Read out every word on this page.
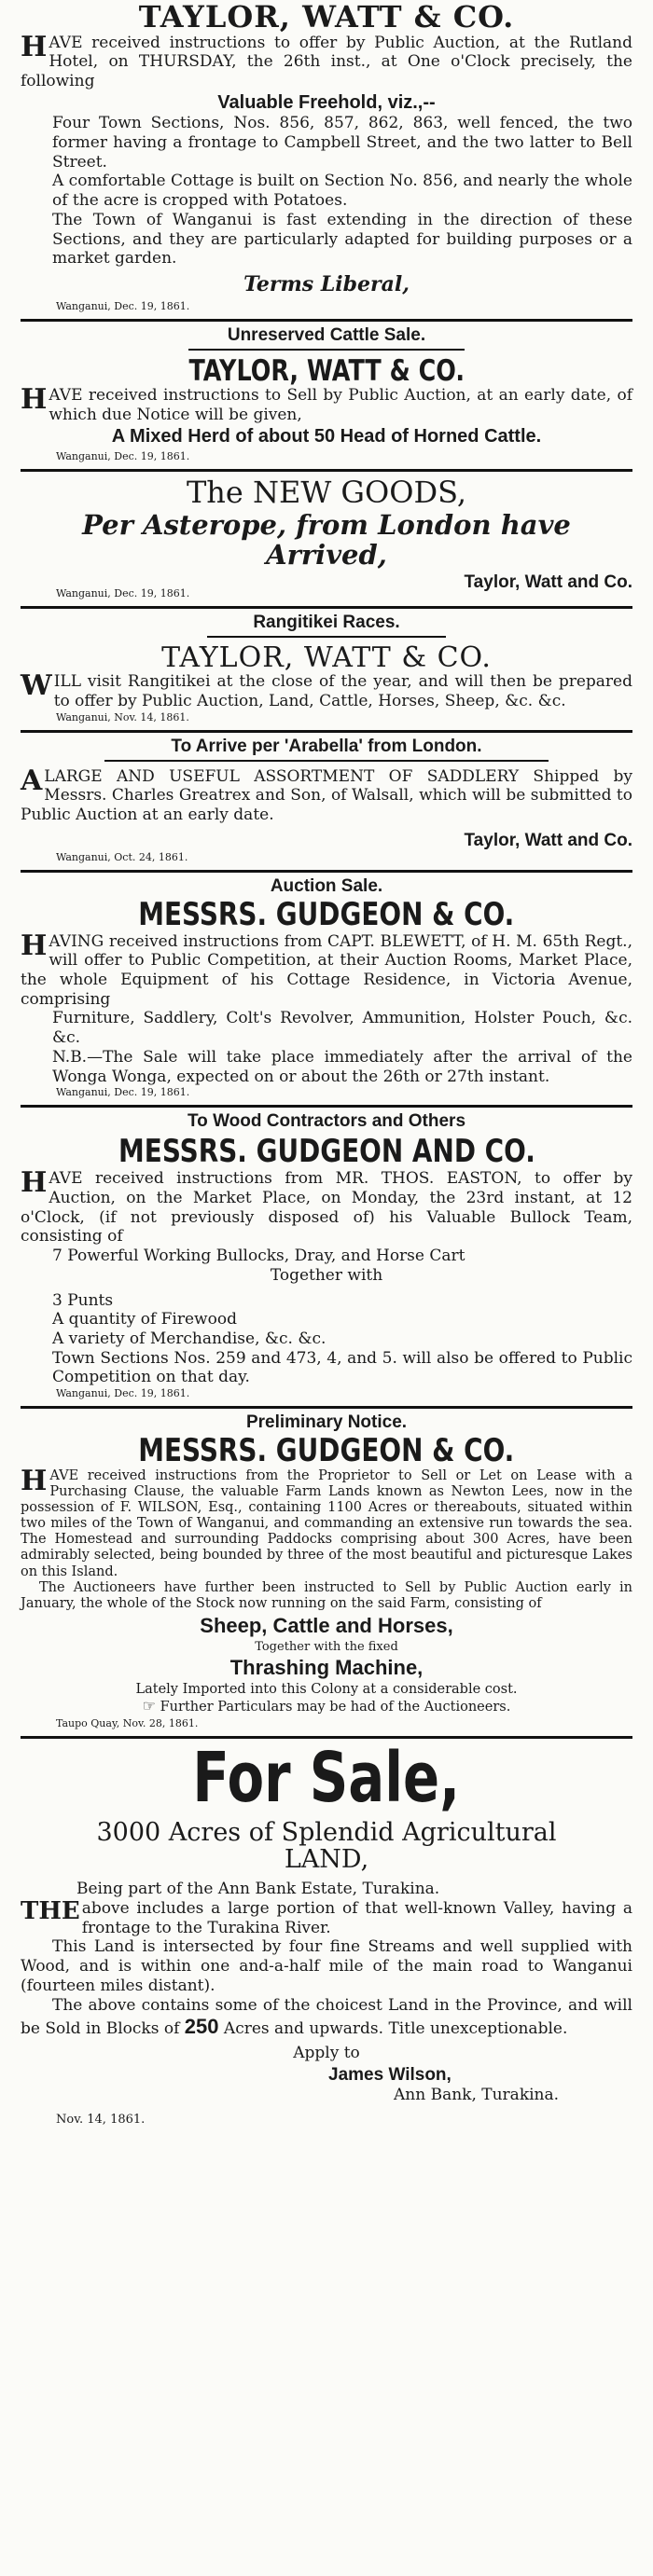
TAYLOR, WATT & CO.

HAVE received instructions to offer by Public Auction, at the Rutland Hotel, on THURSDAY, the 26th inst., at One o'Clock precisely, the following

Valuable Freehold, viz.,--

Four Town Sections, Nos. 856, 857, 862, 863, well fenced, the two former having a frontage to Campbell Street, and the two latter to Bell Street.

A comfortable Cottage is built on Section No. 856, and nearly the whole of the acre is cropped with Potatoes.

The Town of Wanganui is fast extending in the direction of these Sections, and they are particularly adapted for building purposes or a market garden.

Terms Liberal,

Wanganui, Dec. 19, 1861.

Unreserved Cattle Sale.

TAYLOR, WATT & CO.

HAVE received instructions to Sell by Public Auction, at an early date, of which due Notice will be given,

A Mixed Herd of about 50 Head of Horned Cattle.

Wanganui, Dec. 19, 1861.

The NEW GOODS,

Per Asterope, from London have Arrived,

Taylor, Watt and Co.

Wanganui, Dec. 19, 1861.

Rangitikei Races.

TAYLOR, WATT & CO.

WILL visit Rangitikei at the close of the year, and will then be prepared to offer by Public Auction, Land, Cattle, Horses, Sheep, &c. &c.

Wanganui, Nov. 14, 1861.

To Arrive per 'Arabella' from London.

ALARGE AND USEFUL ASSORTMENT OF SADDLERY Shipped by Messrs. Charles Greatrex and Son, of Walsall, which will be submitted to Public Auction at an early date.

Taylor, Watt and Co.

Wanganui, Oct. 24, 1861.

Auction Sale.

MESSRS. GUDGEON & CO.

HAVING received instructions from CAPT. BLEWETT, of H. M. 65th Regt., will offer to Public Competition, at their Auction Rooms, Market Place, the whole Equipment of his Cottage Residence, in Victoria Avenue, comprising

Furniture, Saddlery, Colt's Revolver, Ammunition, Holster Pouch, &c. &c.

N.B.—The Sale will take place immediately after the arrival of the Wonga Wonga, expected on or about the 26th or 27th instant.

Wanganui, Dec. 19, 1861.

To Wood Contractors and Others

MESSRS. GUDGEON AND CO.

HAVE received instructions from MR. THOS. EASTON, to offer by Auction, on the Market Place, on Monday, the 23rd instant, at 12 o'Clock, (if not previously disposed of) his Valuable Bullock Team, consisting of

7 Powerful Working Bullocks, Dray, and Horse Cart

Together with

3 Punts

A quantity of Firewood

A variety of Merchandise, &c. &c.

Town Sections Nos. 259 and 473, 4, and 5. will also be offered to Public Competition on that day.

Wanganui, Dec. 19, 1861.

Preliminary Notice.

MESSRS. GUDGEON & CO.

HAVE received instructions from the Proprietor to Sell or Let on Lease with a Purchasing Clause, the valuable Farm Lands known as Newton Lees, now in the possession of F. WILSON, Esq., containing 1100 Acres or thereabouts, situated within two miles of the Town of Wanganui, and commanding an extensive run towards the sea. The Homestead and surrounding Paddocks comprising about 300 Acres, have been admirably selected, being bounded by three of the most beautiful and picturesque Lakes on this Island.

The Auctioneers have further been instructed to Sell by Public Auction early in January, the whole of the Stock now running on the said Farm, consisting of

Sheep, Cattle and Horses,

Together with the fixed

Thrashing Machine,

Lately Imported into this Colony at a considerable cost.

☞ Further Particulars may be had of the Auctioneers.

Taupo Quay, Nov. 28, 1861.

For Sale,

3000 Acres of Splendid Agricultural

LAND,

Being part of the Ann Bank Estate, Turakina.

THE above includes a large portion of that well-known Valley, having a frontage to the Turakina River.

This Land is intersected by four fine Streams and well supplied with Wood, and is within one and-a-half mile of the main road to Wanganui (fourteen miles distant).

The above contains some of the choicest Land in the Province, and will be Sold in Blocks of 250 Acres and upwards. Title unexceptionable.

Apply to

James Wilson,

Ann Bank, Turakina.

Nov. 14, 1861.
